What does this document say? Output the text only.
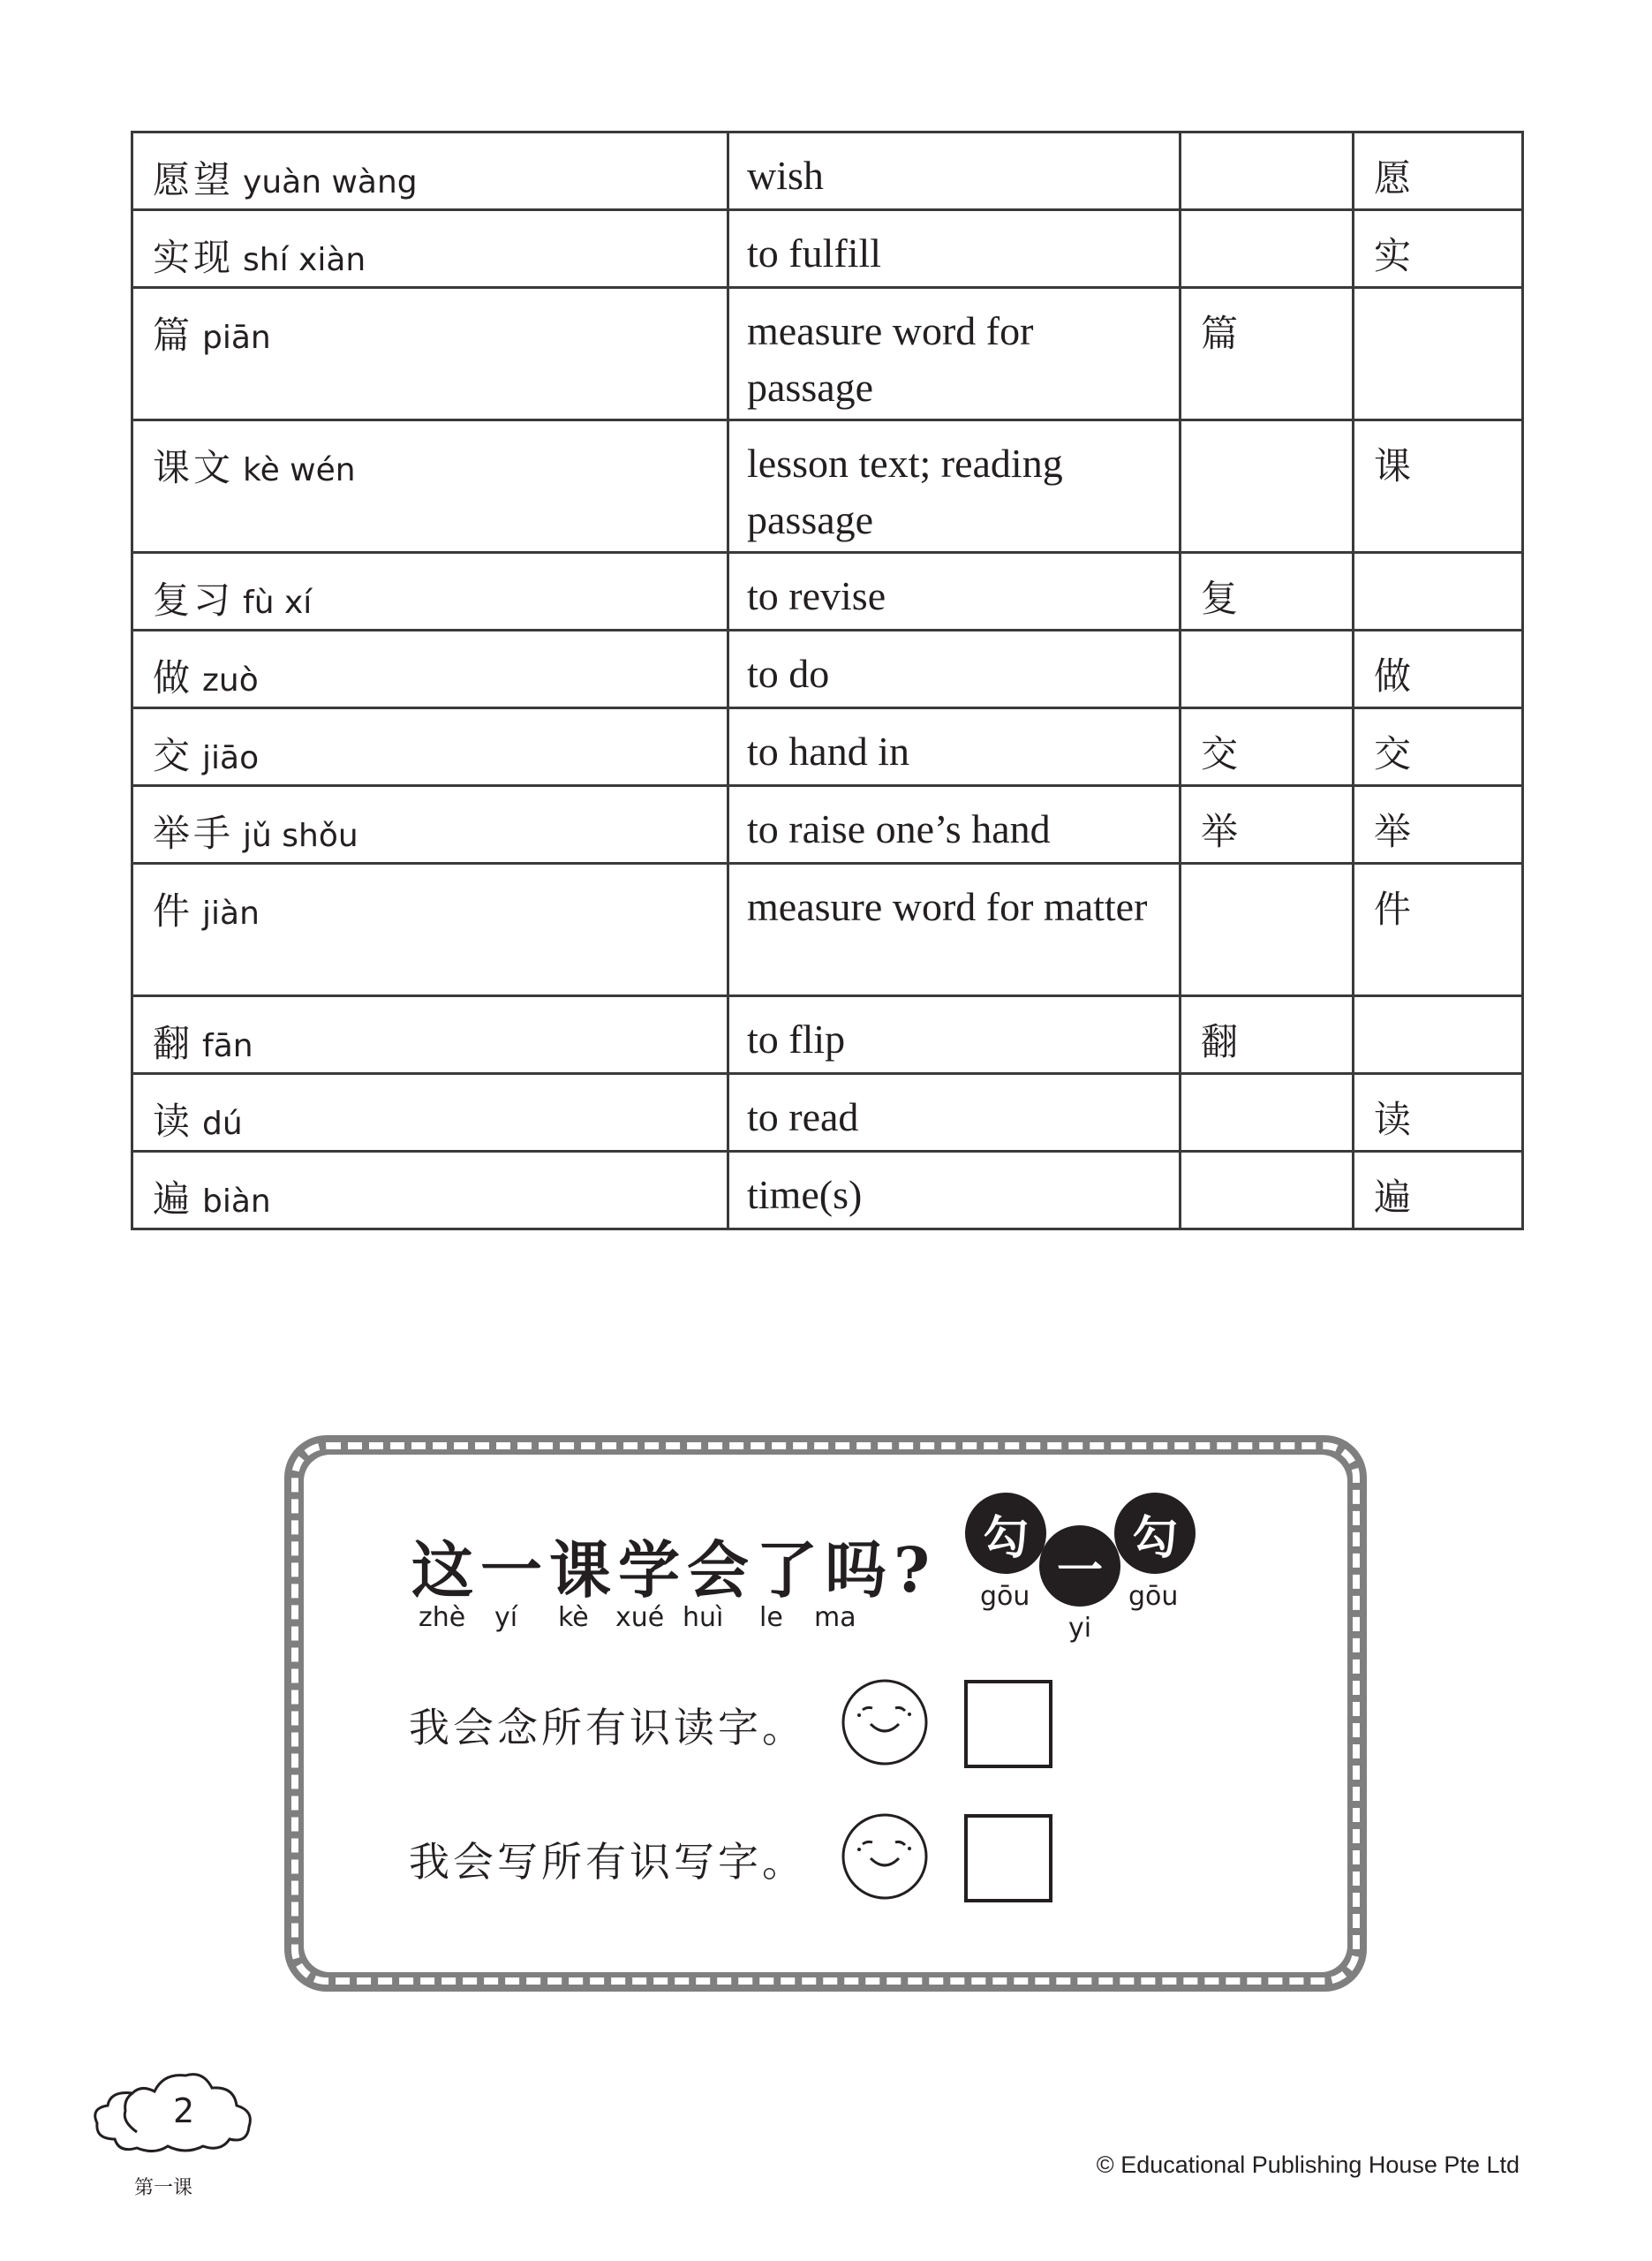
愿望 yuàn wàng	wish		愿

实现 shí xiàn	to fulfill		实

篇 piān	measure word for passage	篇	

课文 kè wén	lesson text; reading passage		课

复习 fù xí	to revise	复	

做 zuò	to do		做

交 jiāo	to hand in	交	交

举手 jǔ shǒu	to raise one’s hand	举	举

件 jiàn	measure word for matter		件

翻 fān	to flip	翻	

读 dú	to read		读

遍 biàn	time(s)		遍
这一课学会了吗?
zhè yí kè xué huì le ma
勾
一
勾
gōu
yi
gōu
我会念所有识读字。
我会写所有识写字。
2
第一课
© Educational Publishing House Pte Ltd
